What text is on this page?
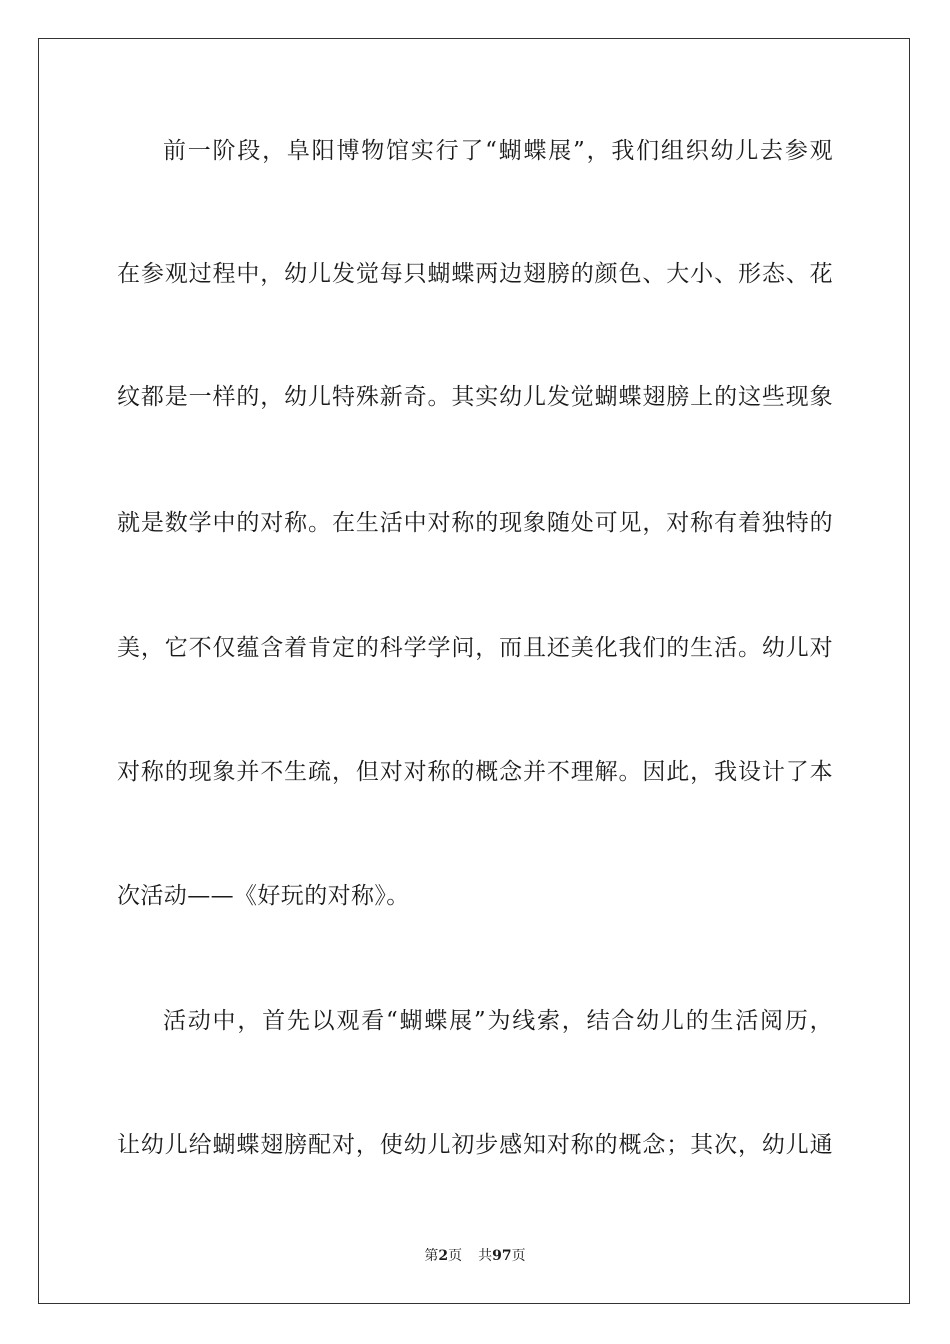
前一阶段，阜阳博物馆实行了“蝴蝶展”，我们组织幼儿去参观
在参观过程中，幼儿发觉每只蝴蝶两边翅膀的颜色、大小、形态、花
纹都是一样的，幼儿特殊新奇。其实幼儿发觉蝴蝶翅膀上的这些现象
就是数学中的对称。在生活中对称的现象随处可见，对称有着独特的
美，它不仅蕴含着肯定的科学学问，而且还美化我们的生活。幼儿对
对称的现象并不生疏，但对对称的概念并不理解。因此，我设计了本
次活动——《好玩的对称》。
活动中，首先以观看“蝴蝶展”为线索，结合幼儿的生活阅历，
让幼儿给蝴蝶翅膀配对，使幼儿初步感知对称的概念；其次，幼儿通
第2页 共97页
